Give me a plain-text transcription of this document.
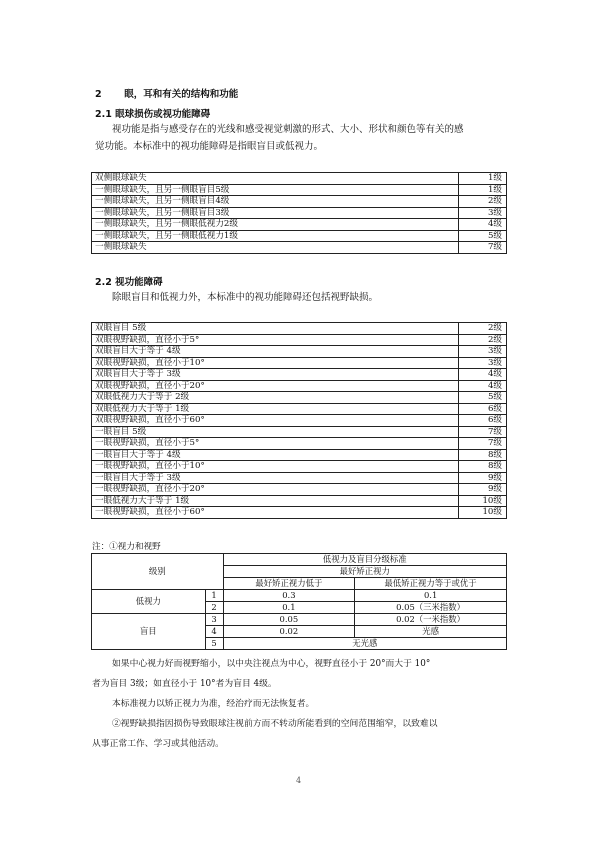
2 眼，耳和有关的结构和功能
2.1 眼球损伤或视功能障碍
视功能是指与感受存在的光线和感受视觉刺激的形式、大小、形状和颜色等有关的感
觉功能。本标准中的视功能障碍是指眼盲目或低视力。
双侧眼球缺失	1级
一侧眼球缺失，且另一侧眼盲目5级	1级
一侧眼球缺失，且另一侧眼盲目4级	2级
一侧眼球缺失，且另一侧眼盲目3级	3级
一侧眼球缺失，且另一侧眼低视力2级	4级
一侧眼球缺失，且另一侧眼低视力1级	5级
一侧眼球缺失	7级
2.2 视功能障碍
除眼盲目和低视力外，本标准中的视功能障碍还包括视野缺损。
双眼盲目 5级	2级
双眼视野缺损，直径小于5°	2级
双眼盲目大于等于 4级	3级
双眼视野缺损，直径小于10°	3级
双眼盲目大于等于 3级	4级
双眼视野缺损，直径小于20°	4级
双眼低视力大于等于 2级	5级
双眼低视力大于等于 1级	6级
双眼视野缺损，直径小于60°	6级
一眼盲目 5级	7级
一眼视野缺损，直径小于5°	7级
一眼盲目大于等于 4级	8级
一眼视野缺损，直径小于10°	8级
一眼盲目大于等于 3级	9级
一眼视野缺损，直径小于20°	9级
一眼低视力大于等于 1级	10级
一眼视野缺损，直径小于60°	10级
注：①视力和视野
级别		低视力及盲目分级标准	
		最好矫正视力	
		最好矫正视力低于	最低矫正视力等于或优于
低视力	1	0.3	0.1
	2	0.1	0.05（三米指数）
盲目	3	0.05	0.02（一米指数）
	4	0.02	光感
	5	无光感	
如果中心视力好而视野缩小，以中央注视点为中心，视野直径小于 20°而大于 10°
者为盲目 3级；如直径小于 10°者为盲目 4级。
本标准视力以矫正视力为准，经治疗而无法恢复者。
②视野缺损指因损伤导致眼球注视前方而不转动所能看到的空间范围缩窄，以致难以
从事正常工作、学习或其他活动。
4
